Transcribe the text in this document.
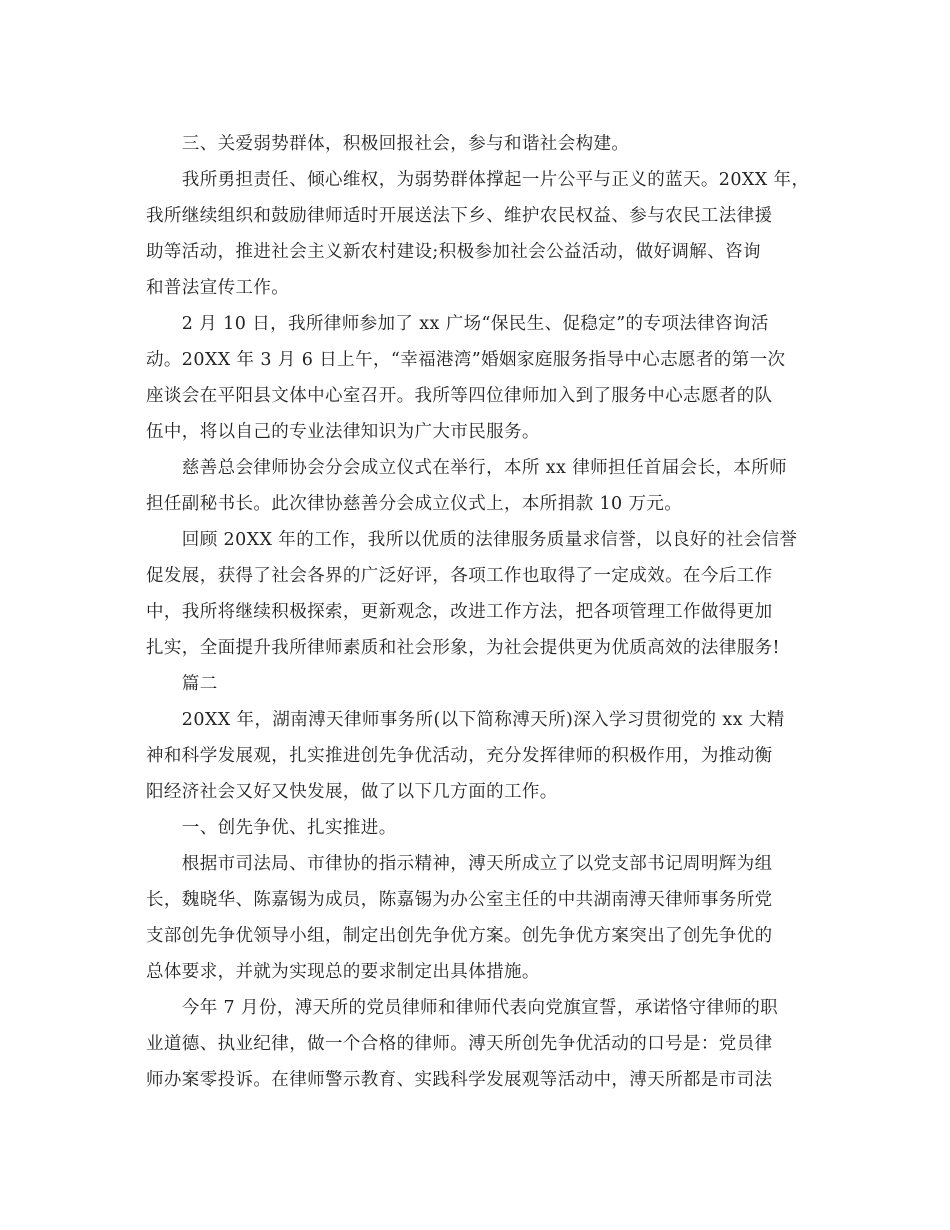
　　三、关爱弱势群体，积极回报社会，参与和谐社会构建。
　　我所勇担责任、倾心维权，为弱势群体撑起一片公平与正义的蓝天。20XX 年，
我所继续组织和鼓励律师适时开展送法下乡、维护农民权益、参与农民工法律援
助等活动，推进社会主义新农村建设;积极参加社会公益活动，做好调解、咨询
和普法宣传工作。
　　2 月 10 日，我所律师参加了 xx 广场“保民生、促稳定”的专项法律咨询活
动。20XX 年 3 月 6 日上午，“幸福港湾”婚姻家庭服务指导中心志愿者的第一次
座谈会在平阳县文体中心室召开。我所等四位律师加入到了服务中心志愿者的队
伍中，将以自己的专业法律知识为广大市民服务。
　　慈善总会律师协会分会成立仪式在举行，本所 xx 律师担任首届会长，本所师
担任副秘书长。此次律协慈善分会成立仪式上，本所捐款 10 万元。
　　回顾 20XX 年的工作，我所以优质的法律服务质量求信誉，以良好的社会信誉
促发展，获得了社会各界的广泛好评，各项工作也取得了一定成效。在今后工作
中，我所将继续积极探索，更新观念，改进工作方法，把各项管理工作做得更加
扎实，全面提升我所律师素质和社会形象，为社会提供更为优质高效的法律服务!
　　篇二
　　20XX 年，湖南溥天律师事务所(以下简称溥天所)深入学习贯彻党的 xx 大精
神和科学发展观，扎实推进创先争优活动，充分发挥律师的积极作用，为推动衡
阳经济社会又好又快发展，做了以下几方面的工作。
　　一、创先争优、扎实推进。
　　根据市司法局、市律协的指示精神，溥天所成立了以党支部书记周明辉为组
长，魏晓华、陈嘉锡为成员，陈嘉锡为办公室主任的中共湖南溥天律师事务所党
支部创先争优领导小组，制定出创先争优方案。创先争优方案突出了创先争优的
总体要求，并就为实现总的要求制定出具体措施。
　　今年 7 月份，溥天所的党员律师和律师代表向党旗宣誓，承诺恪守律师的职
业道德、执业纪律，做一个合格的律师。溥天所创先争优活动的口号是：党员律
师办案零投诉。在律师警示教育、实践科学发展观等活动中，溥天所都是市司法
